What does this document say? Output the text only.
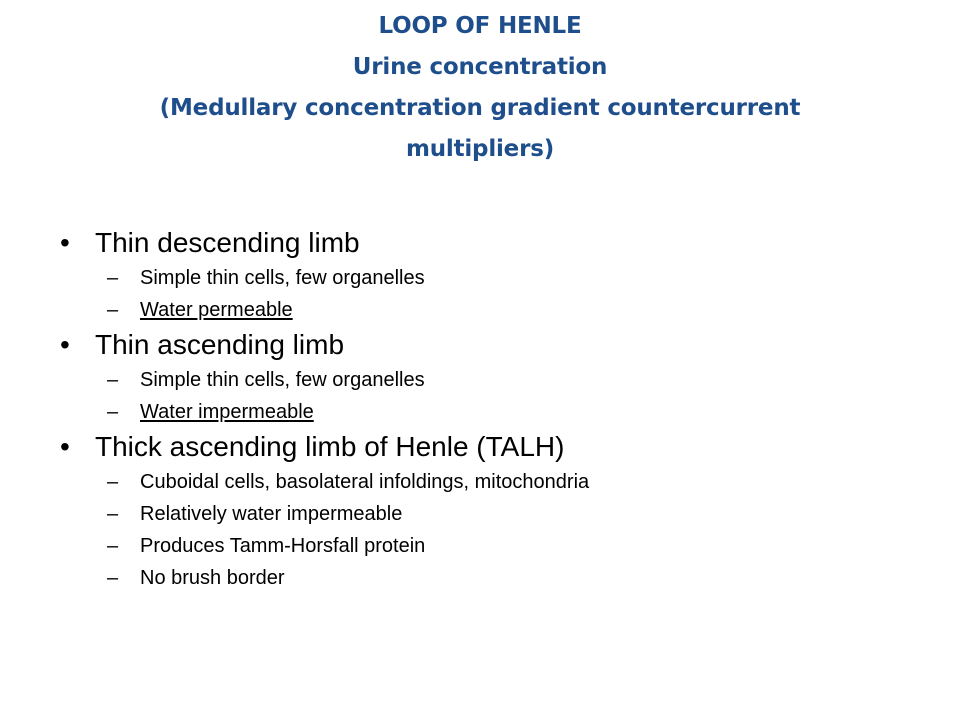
LOOP OF HENLE
Urine concentration
(Medullary concentration gradient countercurrent
multipliers)
• Thin descending limb
– Simple thin cells, few organelles
– Water permeable
• Thin ascending limb
– Simple thin cells, few organelles
– Water impermeable
• Thick ascending limb of Henle (TALH)
– Cuboidal cells, basolateral infoldings, mitochondria
– Relatively water impermeable
– Produces Tamm-Horsfall protein
– No brush border
